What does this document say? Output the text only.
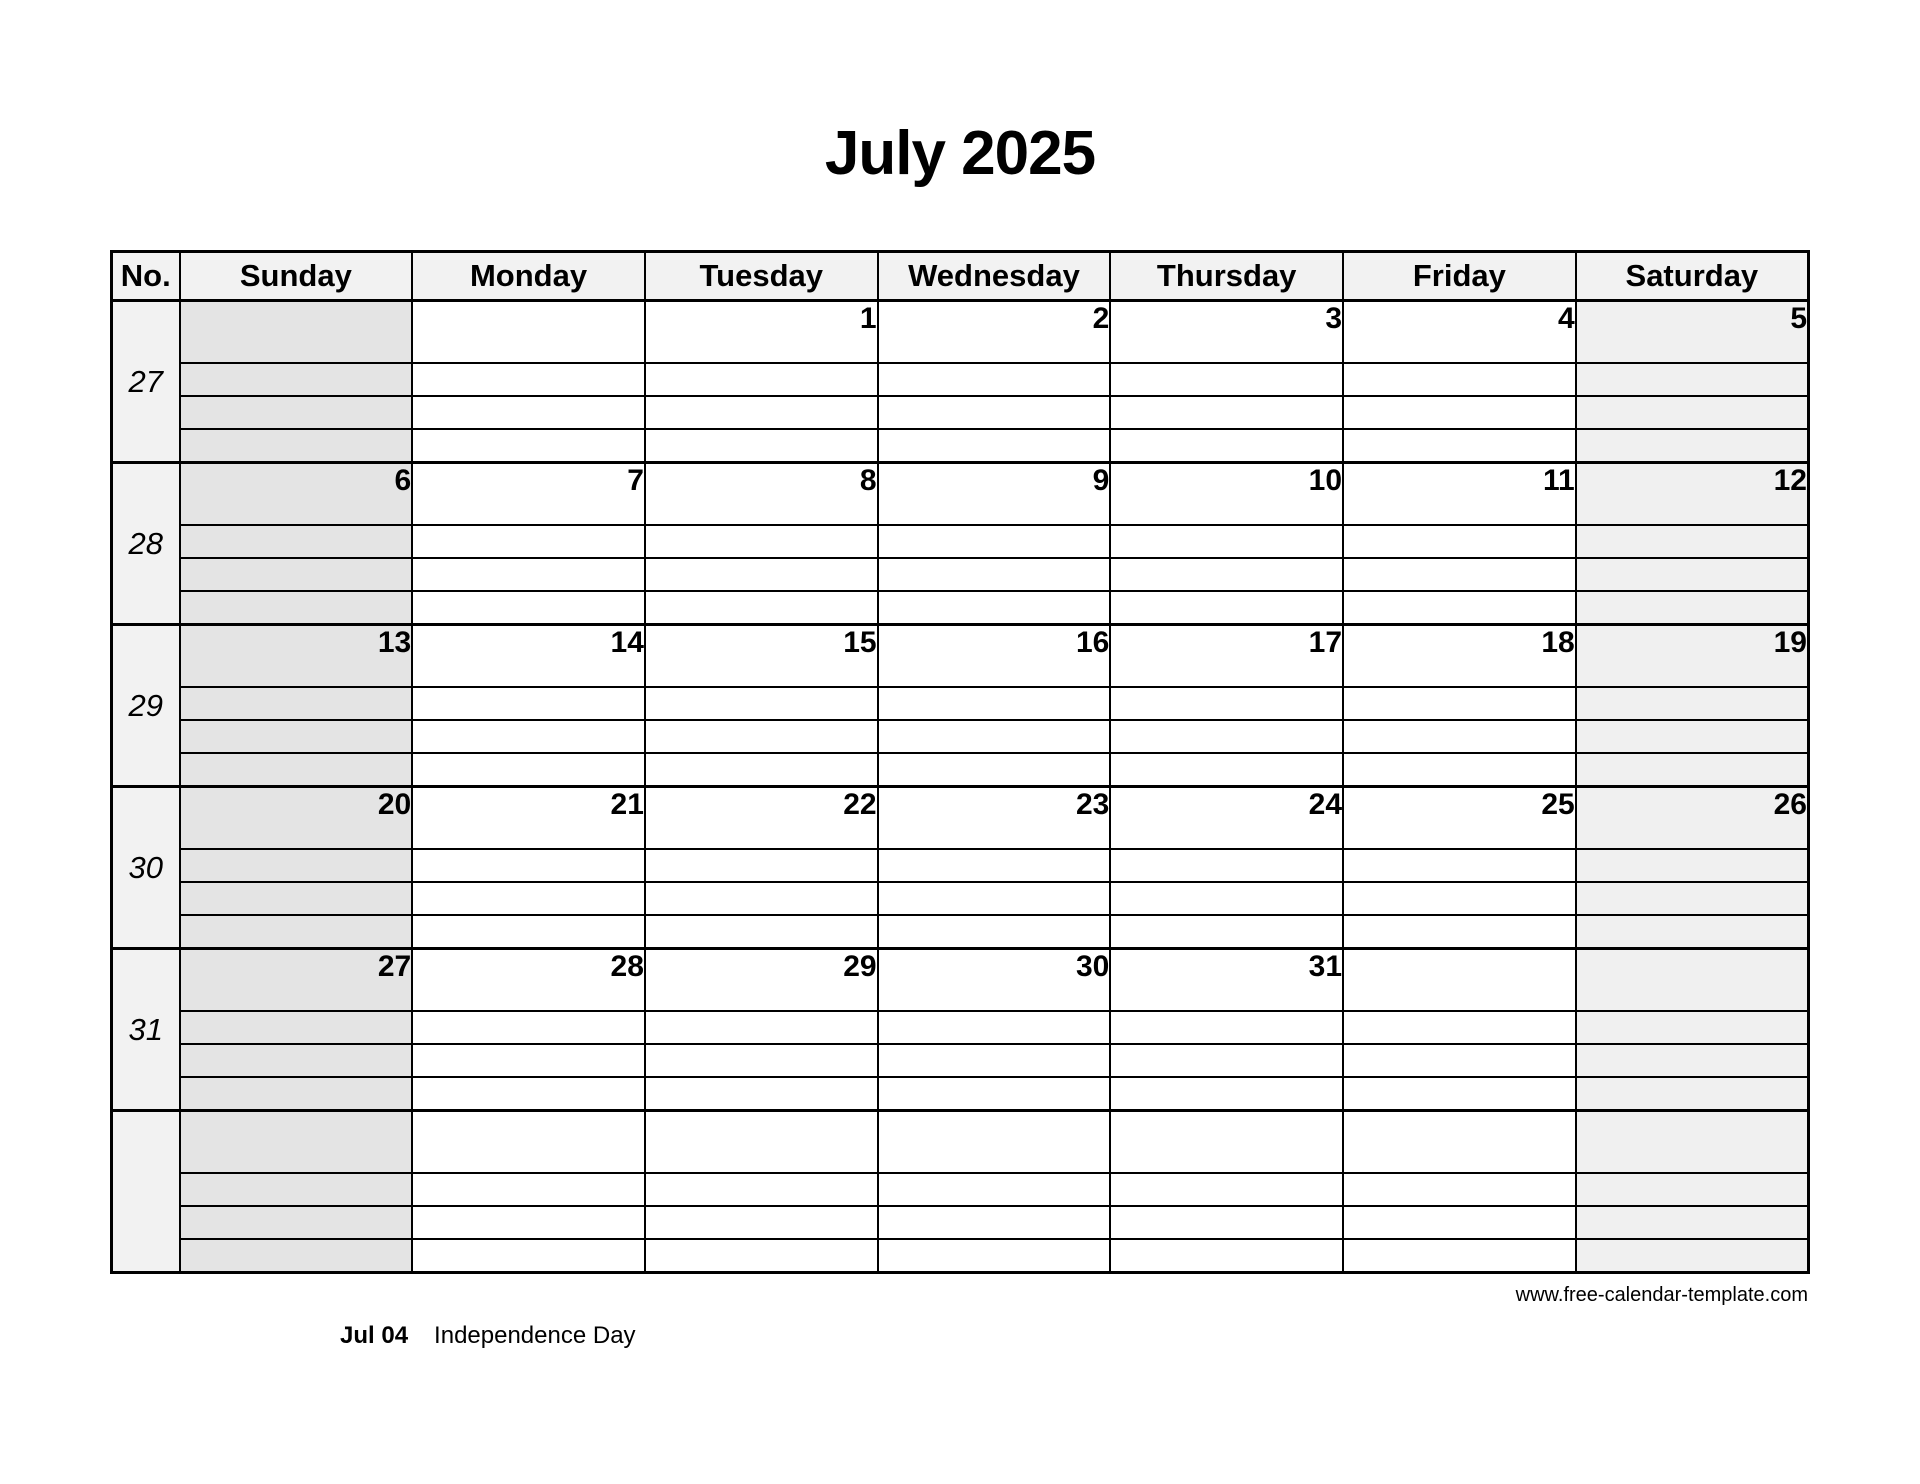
July 2025
No.	Sunday	Monday	Tuesday	Wednesday	Thursday	Friday	Saturday
27			1	2	3	4	5

28	6	7	8	9	10	11	12

29	13	14	15	16	17	18	19

30	20	21	22	23	24	25	26

31	27	28	29	30	31		

www.free-calendar-template.com
Jul 04 Independence Day
